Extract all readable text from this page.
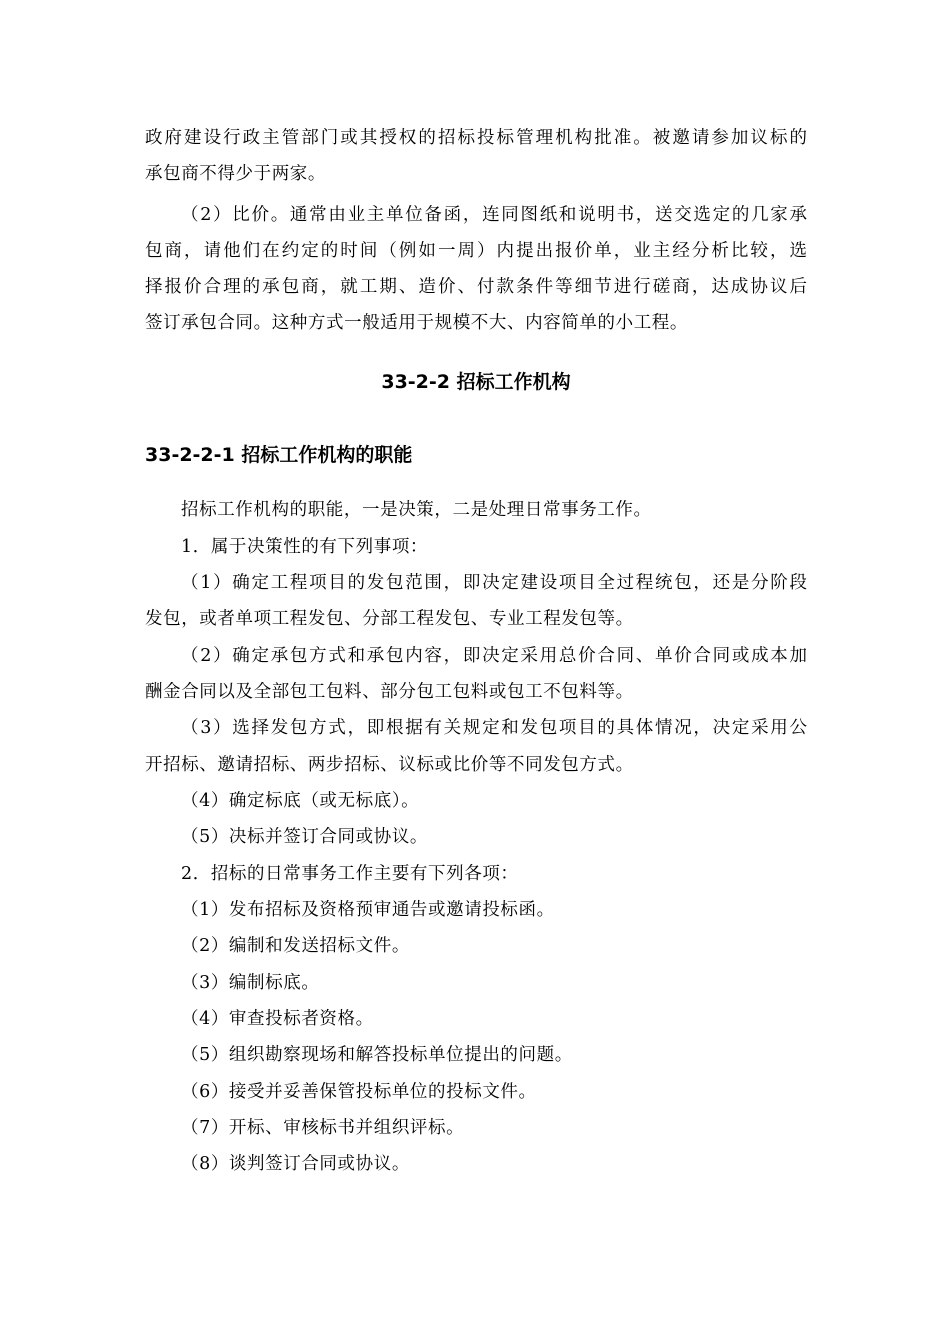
政府建设行政主管部门或其授权的招标投标管理机构批准。被邀请参加议标的
承包商不得少于两家。
（2）比价。通常由业主单位备函，连同图纸和说明书，送交选定的几家承
包商，请他们在约定的时间（例如一周）内提出报价单，业主经分析比较，选
择报价合理的承包商，就工期、造价、付款条件等细节进行磋商，达成协议后
签订承包合同。这种方式一般适用于规模不大、内容简单的小工程。
33-2-2 招标工作机构
33-2-2-1 招标工作机构的职能
招标工作机构的职能，一是决策，二是处理日常事务工作。
1．属于决策性的有下列事项：
（1）确定工程项目的发包范围，即决定建设项目全过程统包，还是分阶段
发包，或者单项工程发包、分部工程发包、专业工程发包等。
（2）确定承包方式和承包内容，即决定采用总价合同、单价合同或成本加
酬金合同以及全部包工包料、部分包工包料或包工不包料等。
（3）选择发包方式，即根据有关规定和发包项目的具体情况，决定采用公
开招标、邀请招标、两步招标、议标或比价等不同发包方式。
（4）确定标底（或无标底）。
（5）决标并签订合同或协议。
2．招标的日常事务工作主要有下列各项：
（1）发布招标及资格预审通告或邀请投标函。
（2）编制和发送招标文件。
（3）编制标底。
（4）审查投标者资格。
（5）组织勘察现场和解答投标单位提出的问题。
（6）接受并妥善保管投标单位的投标文件。
（7）开标、审核标书并组织评标。
（8）谈判签订合同或协议。
